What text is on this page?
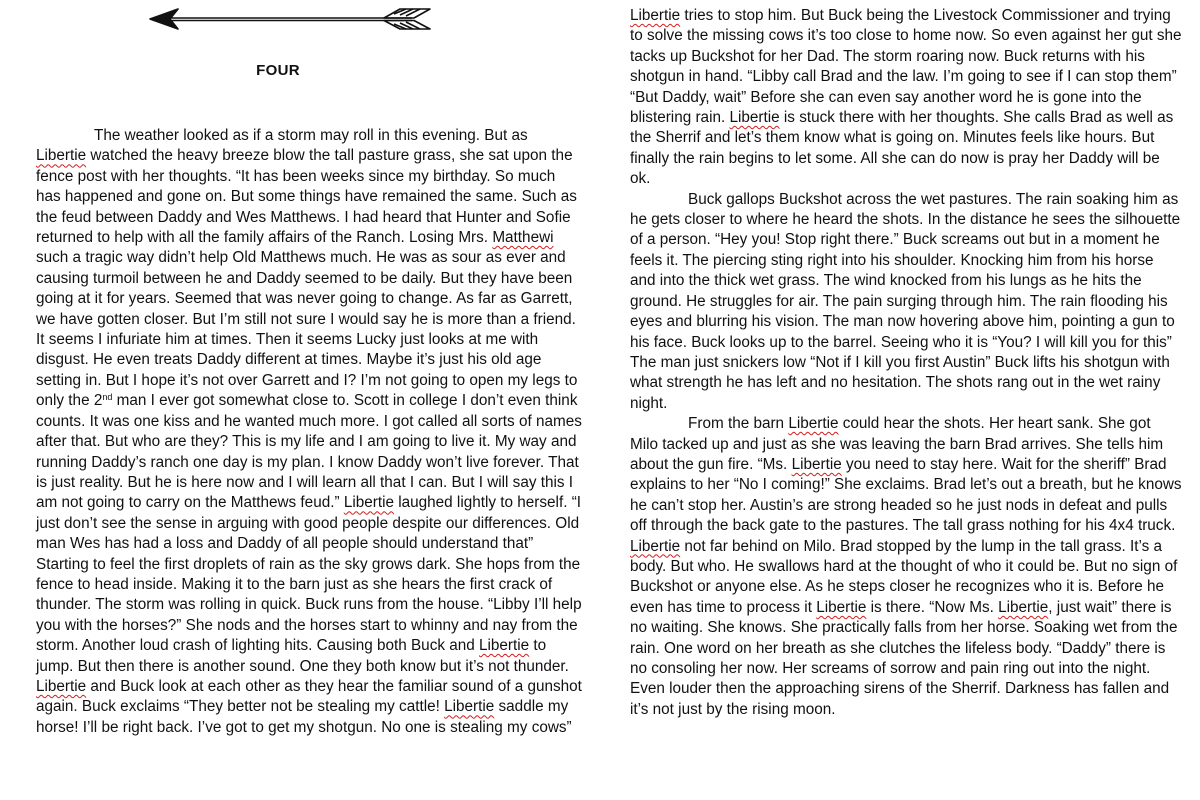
FOUR

The weather looked as if a storm may roll in this evening. But as Libertie watched the heavy breeze blow the tall pasture grass, she sat upon the fence post with her thoughts. “It has been weeks since my birthday. So much has happened and gone on. But some things have remained the same. Such as the feud between Daddy and Wes Matthews. I had heard that Hunter and Sofie returned to help with all the family affairs of the Ranch. Losing Mrs. Matthewi such a tragic way didn’t help Old Matthews much. He was as sour as ever and causing turmoil between he and Daddy seemed to be daily. But they have been going at it for years. Seemed that was never going to change. As far as Garrett, we have gotten closer. But I’m still not sure I would say he is more than a friend. It seems I infuriate him at times. Then it seems Lucky just looks at me with disgust. He even treats Daddy different at times. Maybe it’s just his old age setting in. But I hope it’s not over Garrett and I? I’m not going to open my legs to only the 2nd man I ever got somewhat close to. Scott in college I don’t even think counts. It was one kiss and he wanted much more. I got called all sorts of names after that. But who are they? This is my life and I am going to live it. My way and running Daddy’s ranch one day is my plan. I know Daddy won’t live forever. That is just reality. But he is here now and I will learn all that I can. But I will say this I am not going to carry on the Matthews feud.” Libertie laughed lightly to herself. “I just don’t see the sense in arguing with good people despite our differences. Old man Wes has had a loss and Daddy of all people should understand that” Starting to feel the first droplets of rain as the sky grows dark. She hops from the fence to head inside. Making it to the barn just as she hears the first crack of thunder. The storm was rolling in quick. Buck runs from the house. “Libby I’ll help you with the horses?” She nods and the horses start to whinny and nay from the storm. Another loud crash of lighting hits. Causing both Buck and Libertie to jump. But then there is another sound. One they both know but it’s not thunder. Libertie and Buck look at each other as they hear the familiar sound of a gunshot again. Buck exclaims “They better not be stealing my cattle! Libertie saddle my horse! I’ll be right back. I’ve got to get my shotgun. No one is stealing my cows”

Libertie tries to stop him. But Buck being the Livestock Commissioner and trying to solve the missing cows it’s too close to home now. So even against her gut she tacks up Buckshot for her Dad. The storm roaring now. Buck returns with his shotgun in hand. “Libby call Brad and the law. I’m going to see if I can stop them” “But Daddy, wait” Before she can even say another word he is gone into the blistering rain. Libertie is stuck there with her thoughts. She calls Brad as well as the Sherrif and let’s them know what is going on. Minutes feels like hours. But finally the rain begins to let some. All she can do now is pray her Daddy will be ok.

Buck gallops Buckshot across the wet pastures. The rain soaking him as he gets closer to where he heard the shots. In the distance he sees the silhouette of a person. “Hey you! Stop right there.” Buck screams out but in a moment he feels it. The piercing sting right into his shoulder. Knocking him from his horse and into the thick wet grass. The wind knocked from his lungs as he hits the ground. He struggles for air. The pain surging through him. The rain flooding his eyes and blurring his vision. The man now hovering above him, pointing a gun to his face. Buck looks up to the barrel. Seeing who it is “You? I will kill you for this” The man just snickers low “Not if I kill you first Austin” Buck lifts his shotgun with what strength he has left and no hesitation. The shots rang out in the wet rainy night.

From the barn Libertie could hear the shots. Her heart sank. She got Milo tacked up and just as she was leaving the barn Brad arrives. She tells him about the gun fire. “Ms. Libertie you need to stay here. Wait for the sheriff” Brad explains to her “No I coming!” She exclaims. Brad let’s out a breath, but he knows he can’t stop her. Austin’s are strong headed so he just nods in defeat and pulls off through the back gate to the pastures. The tall grass nothing for his 4x4 truck. Libertie not far behind on Milo. Brad stopped by the lump in the tall grass. It’s a body. But who. He swallows hard at the thought of who it could be. But no sign of Buckshot or anyone else. As he steps closer he recognizes who it is. Before he even has time to process it Libertie is there. “Now Ms. Libertie, just wait” there is no waiting. She knows. She practically falls from her horse. Soaking wet from the rain. One word on her breath as she clutches the lifeless body. “Daddy” there is no consoling her now. Her screams of sorrow and pain ring out into the night. Even louder then the approaching sirens of the Sherrif. Darkness has fallen and it’s not just by the rising moon.
